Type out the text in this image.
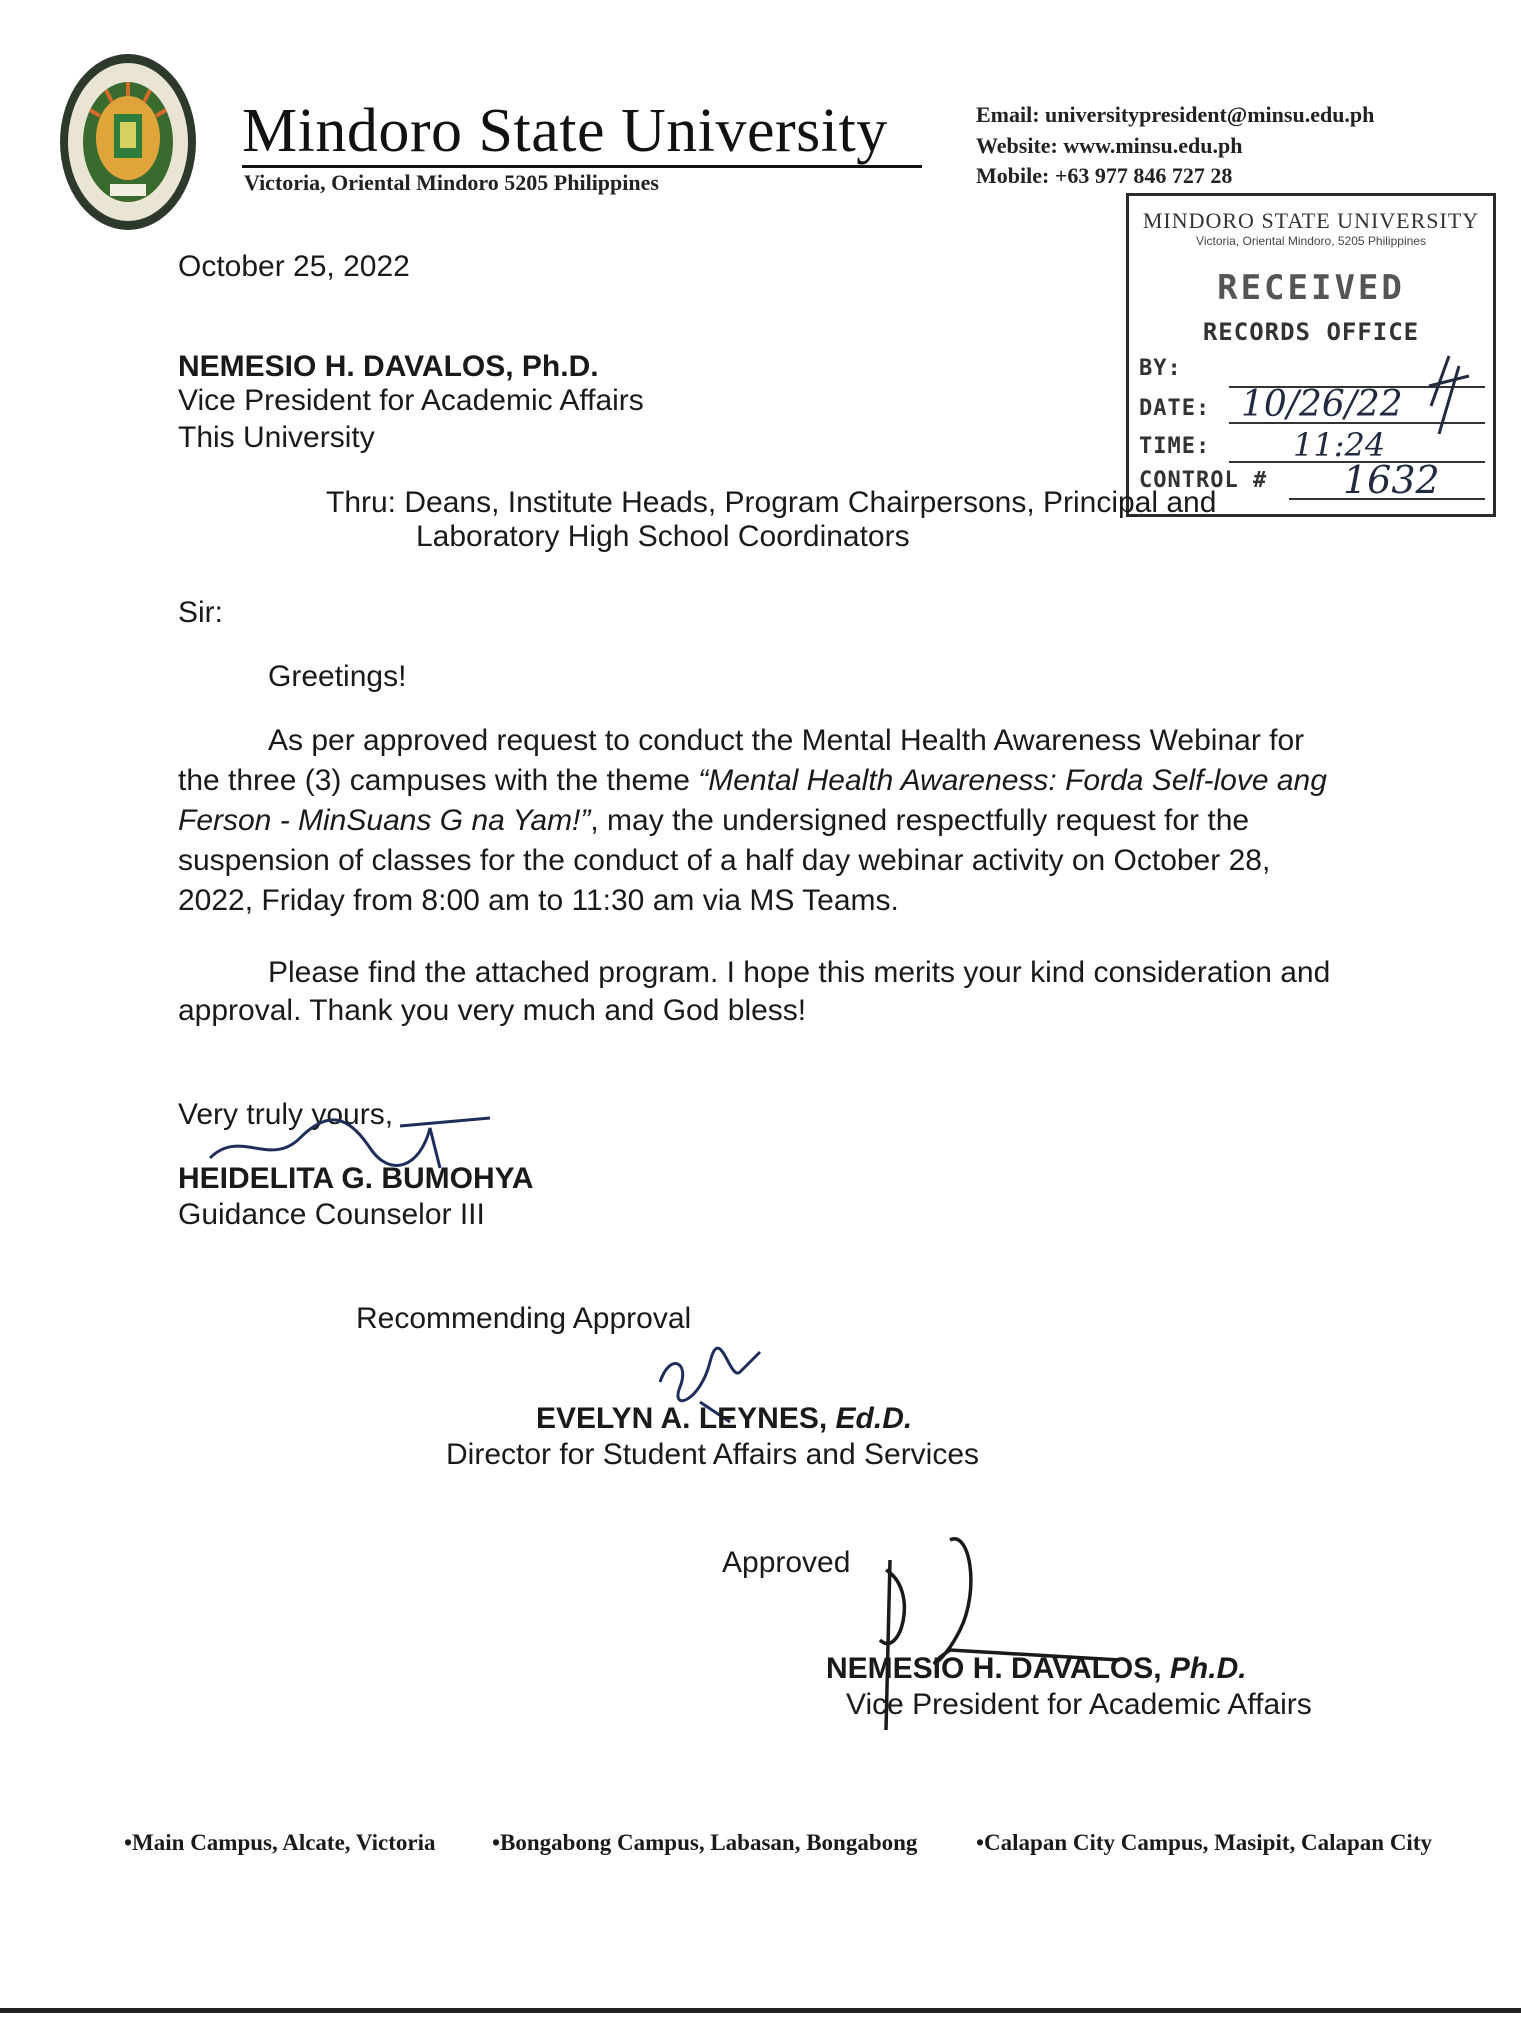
Mindoro State University
Victoria, Oriental Mindoro 5205 Philippines
Email: universitypresident@minsu.edu.ph
Website: www.minsu.edu.ph
Mobile: +63 977 846 727 28
MINDORO STATE UNIVERSITY
Victoria, Oriental Mindoro, 5205 Philippines
RECEIVED
RECORDS OFFICE
BY:
DATE:
TIME:
CONTROL #
10/26/22
11:24
1632
October 25, 2022
NEMESIO H. DAVALOS, Ph.D.
Vice President for Academic Affairs
This University
Thru: Deans, Institute Heads, Program Chairpersons, Principal and
Laboratory High School Coordinators
Sir:
Greetings!
As per approved request to conduct the Mental Health Awareness Webinar for
the three (3) campuses with the theme “Mental Health Awareness: Forda Self-love ang
Ferson - MinSuans G na Yam!”, may the undersigned respectfully request for the
suspension of classes for the conduct of a half day webinar activity on October 28,
2022, Friday from 8:00 am to 11:30 am via MS Teams.
Please find the attached program. I hope this merits your kind consideration and
approval. Thank you very much and God bless!
Very truly yours,
HEIDELITA G. BUMOHYA
Guidance Counselor III
Recommending Approval
EVELYN A. LEYNES, Ed.D.
Director for Student Affairs and Services
Approved
NEMESIO H. DAVALOS, Ph.D.
Vice President for Academic Affairs
•Main Campus, Alcate, Victoria •Bongabong Campus, Labasan, Bongabong	•Calapan City Campus, Masipit, Calapan City
